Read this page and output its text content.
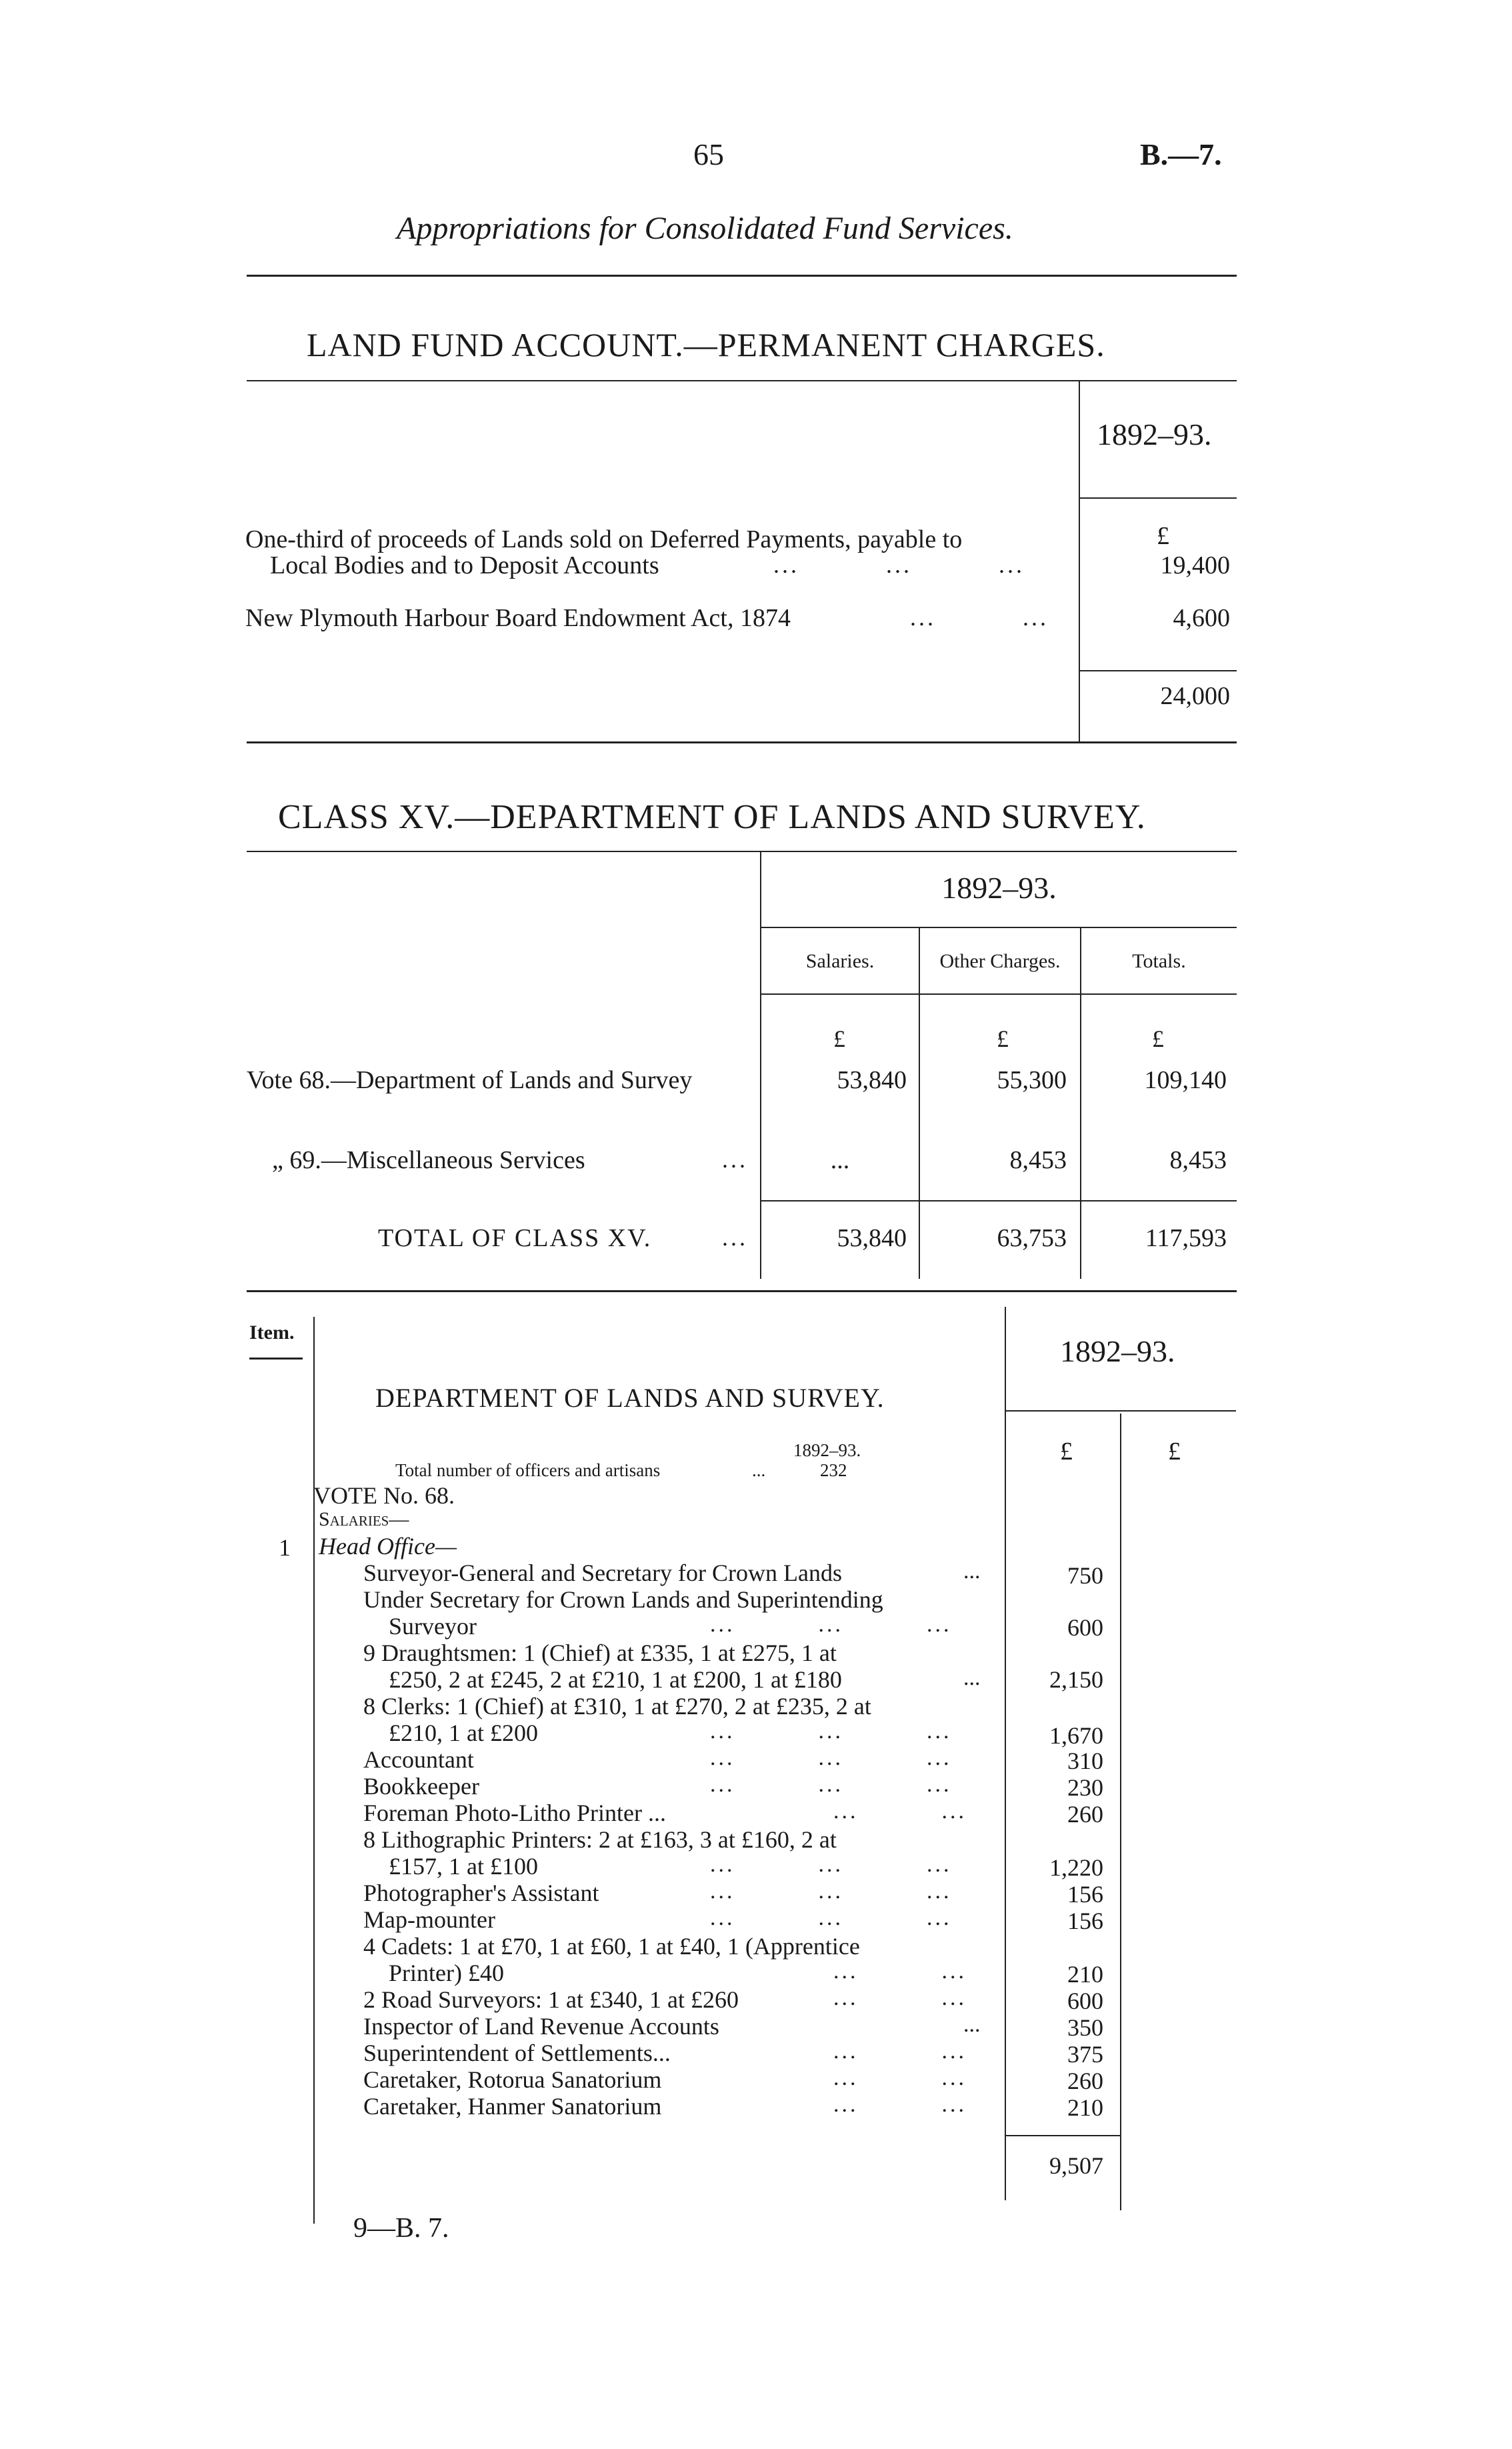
65	B.—7.
Appropriations for Consolidated Fund Services.
LAND FUND ACCOUNT.—PERMANENT CHARGES.
1892–93.
£
One-third of proceeds of Lands sold on Deferred Payments, payable to
Local Bodies and to Deposit Accounts	...          ...          ...	19,400
New Plymouth Harbour Board Endowment Act, 1874	...          ...	4,600
24,000
CLASS XV.—DEPARTMENT OF LANDS AND SURVEY.
1892–93.
Salaries.	Other Charges.	Totals.
£	£	£
Vote 68.—Department of Lands and Survey	53,840	55,300	109,140
„ 69.—Miscellaneous Services	...	...	8,453	8,453
TOTAL OF CLASS XV.	...	53,840	63,753	117,593
Item.
1892–93.
DEPARTMENT OF LANDS AND SURVEY.
1892–93.
Total number of officers and artisans	...	232
£	£
VOTE No. 68.
Salaries—
1 Head Office—
Surveyor-General and Secretary for Crown Lands	...	750
Under Secretary for Crown Lands and Superintending
Surveyor	...          ...          ...	600
9 Draughtsmen: 1 (Chief) at £335, 1 at £275, 1 at
£250, 2 at £245, 2 at £210, 1 at £200, 1 at £180	...	2,150
8 Clerks: 1 (Chief) at £310, 1 at £270, 2 at £235, 2 at
£210, 1 at £200	...          ...          ...	1,670
Accountant	...          ...          ...	310
Bookkeeper	...          ...          ...	230
Foreman Photo-Litho Printer ...	...          ...	260
8 Lithographic Printers: 2 at £163, 3 at £160, 2 at
£157, 1 at £100	...          ...          ...	1,220
Photographer's Assistant	...          ...          ...	156
Map-mounter	...          ...          ...	156
4 Cadets: 1 at £70, 1 at £60, 1 at £40, 1 (Apprentice
Printer) £40	...          ...	210
2 Road Surveyors: 1 at £340, 1 at £260	...          ...	600
Inspector of Land Revenue Accounts	...	350
Superintendent of Settlements...	...          ...	375
Caretaker, Rotorua Sanatorium	...          ...	260
Caretaker, Hanmer Sanatorium	...          ...	210
9,507
9—B. 7.
